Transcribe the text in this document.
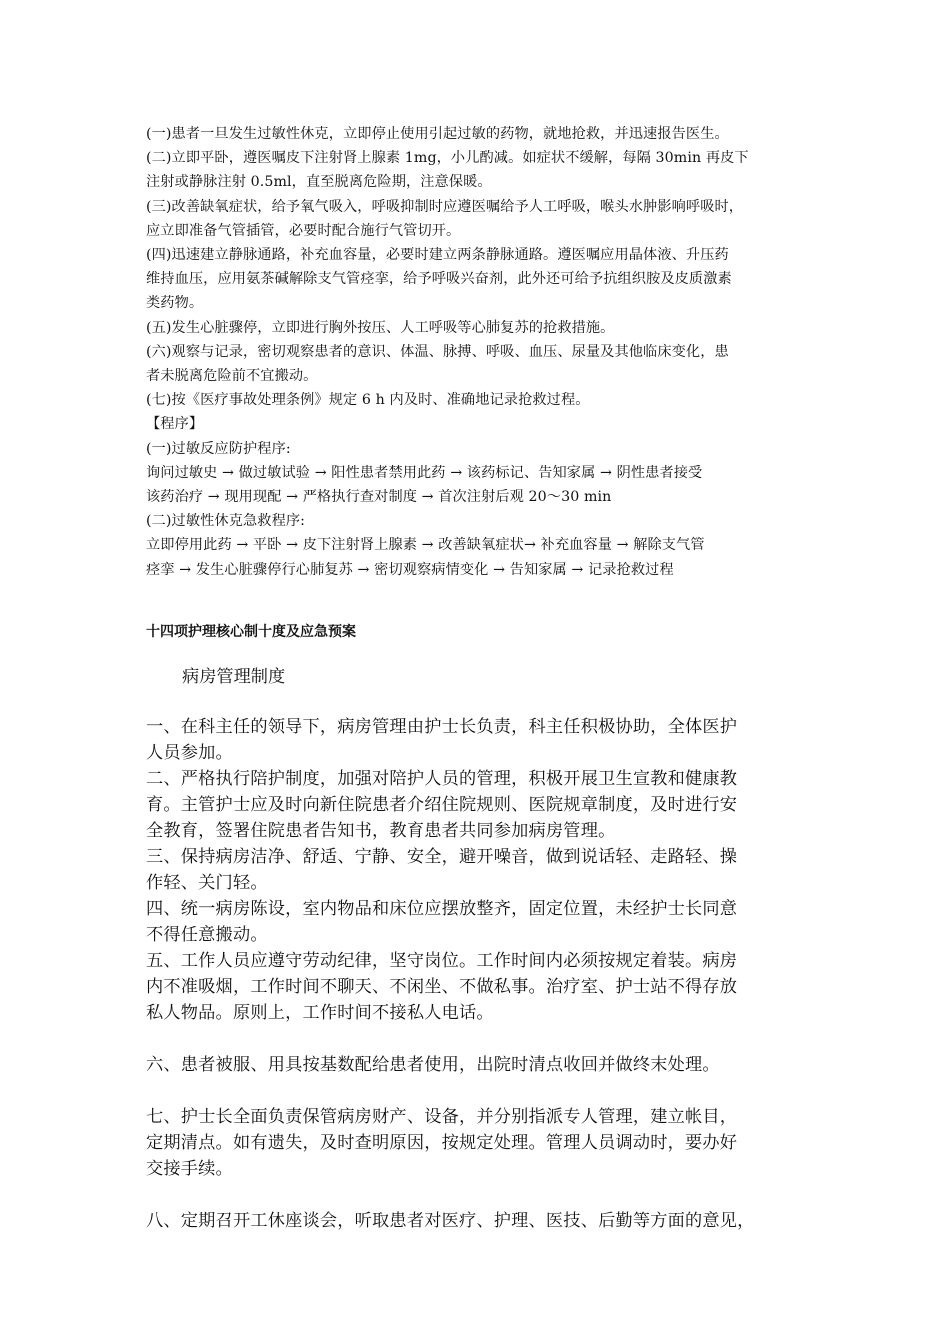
(一)患者一旦发生过敏性休克，立即停止使用引起过敏的药物，就地抢救，并迅速报告医生。
(二)立即平卧，遵医嘱皮下注射肾上腺素 1mg，小儿酌减。如症状不缓解，每隔 30min 再皮下
注射或静脉注射 0.5ml，直至脱离危险期，注意保暖。
(三)改善缺氧症状，给予氧气吸入，呼吸抑制时应遵医嘱给予人工呼吸，喉头水肿影响呼吸时，
应立即准备气管插管，必要时配合施行气管切开。
(四)迅速建立静脉通路，补充血容量，必要时建立两条静脉通路。遵医嘱应用晶体液、升压药
维持血压，应用氨茶碱解除支气管痉挛，给予呼吸兴奋剂，此外还可给予抗组织胺及皮质激素
类药物。
(五)发生心脏骤停，立即进行胸外按压、人工呼吸等心肺复苏的抢救措施。
(六)观察与记录，密切观察患者的意识、体温、脉搏、呼吸、血压、尿量及其他临床变化，患
者未脱离危险前不宜搬动。
(七)按《医疗事故处理条例》规定 6 h 内及时、准确地记录抢救过程。
【程序】
(一)过敏反应防护程序:
询问过敏史 → 做过敏试验 → 阳性患者禁用此药 → 该药标记、告知家属 → 阴性患者接受
该药治疗 → 现用现配 → 严格执行查对制度 → 首次注射后观 20～30 min
(二)过敏性休克急救程序:
立即停用此药 → 平卧 → 皮下注射肾上腺素 → 改善缺氧症状→ 补充血容量 → 解除支气管
痉挛 → 发生心脏骤停行心肺复苏 → 密切观察病情变化 → 告知家属 → 记录抢救过程
十四项护理核心制十度及应急预案
病房管理制度
一、在科主任的领导下，病房管理由护士长负责，科主任积极协助，全体医护
人员参加。
二、严格执行陪护制度，加强对陪护人员的管理，积极开展卫生宣教和健康教
育。主管护士应及时向新住院患者介绍住院规则、医院规章制度，及时进行安
全教育，签署住院患者告知书，教育患者共同参加病房管理。
三、保持病房洁净、舒适、宁静、安全，避开噪音，做到说话轻、走路轻、操
作轻、关门轻。
四、统一病房陈设，室内物品和床位应摆放整齐，固定位置，未经护士长同意
不得任意搬动。
五、工作人员应遵守劳动纪律，坚守岗位。工作时间内必须按规定着装。病房
内不准吸烟，工作时间不聊天、不闲坐、不做私事。治疗室、护士站不得存放
私人物品。原则上，工作时间不接私人电话。
六、患者被服、用具按基数配给患者使用，出院时清点收回并做终末处理。
七、护士长全面负责保管病房财产、设备，并分别指派专人管理，建立帐目，
定期清点。如有遗失，及时查明原因，按规定处理。管理人员调动时，要办好
交接手续。
八、定期召开工休座谈会，听取患者对医疗、护理、医技、后勤等方面的意见，
